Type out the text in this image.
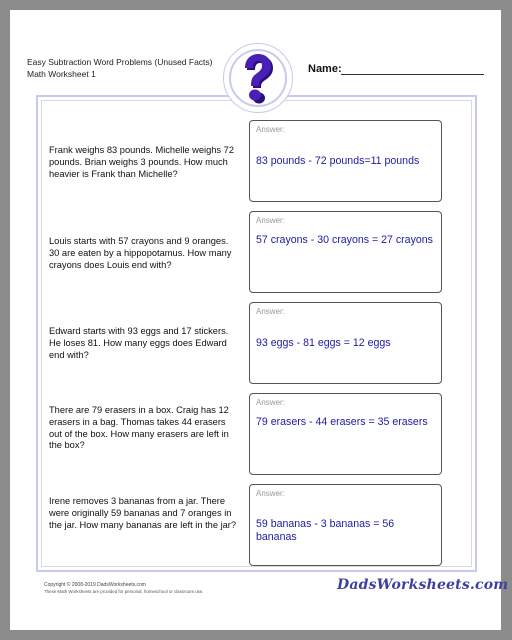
Easy Subtraction Word Problems (Unused Facts)
Math Worksheet 1	Name:
Frank weighs 83 pounds. Michelle weighs 72 pounds. Brian weighs 3 pounds. How much heavier is Frank than Michelle?
Answer:
83 pounds - 72 pounds=11 pounds
Louis starts with 57 crayons and 9 oranges. 30 are eaten by a hippopotamus. How many crayons does Louis end with?
Answer:
57 crayons - 30 crayons = 27 crayons
Edward starts with 93 eggs and 17 stickers. He loses 81. How many eggs does Edward end with?
Answer:
93 eggs - 81 eggs = 12 eggs
There are 79 erasers in a box. Craig has 12 erasers in a bag. Thomas takes 44 erasers out of the box. How many erasers are left in the box?
Answer:
79 erasers - 44 erasers = 35 erasers
Irene removes 3 bananas from a jar. There were originally 59 bananas and 7 oranges in the jar. How many bananas are left in the jar?
Answer:
59 bananas - 3 bananas = 56 bananas
Copyright © 2008-2019 DadsWorksheets.com
These Math Worksheets are provided for personal, homeschool or classroom use.	DadsWorksheets.com
